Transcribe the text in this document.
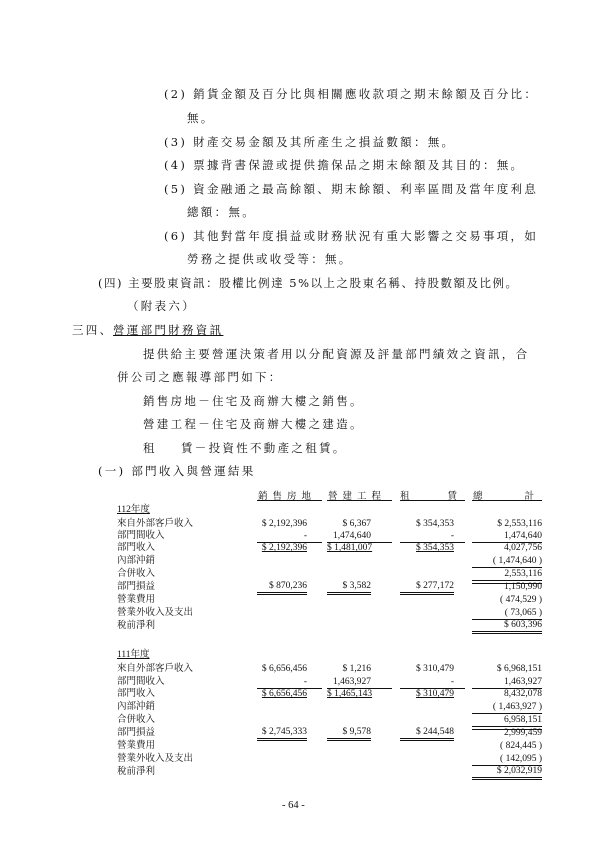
(2) 銷貨金額及百分比與相關應收款項之期末餘額及百分比：
無。
(3) 財產交易金額及其所產生之損益數額：無。
(4) 票據背書保證或提供擔保品之期末餘額及其目的：無。
(5) 資金融通之最高餘額、期末餘額、利率區間及當年度利息
總額：無。
(6) 其他對當年度損益或財務狀況有重大影響之交易事項，如
勞務之提供或收受等：無。
(四) 主要股東資訊：股權比例達 5%以上之股東名稱、持股數額及比例。
（附表六）
三四、 營運部門財務資訊
提供給主要營運決策者用以分配資源及評量部門績效之資訊，合
併公司之應報導部門如下：
銷售房地－住宅及商辦大樓之銷售。
營建工程－住宅及商辦大樓之建造。
租 賃－投資性不動產之租賃。
(一) 部門收入與營運結果
銷售房地 營建工程 租賃
總計
112年度
來自外部客戶收入
部門間收入
部門收入
內部沖銷
合併收入
部門損益
營業費用
營業外收入及支出
稅前淨利
$ 2,192,396
-
$ 2,192,396
$ 870,236
$ 6,367
1,474,640
$ 1,481,007
$ 3,582
$ 354,353
-
$ 354,353
$ 277,172
$ 2,553,116
1,474,640
4,027,756
( 1,474,640 )
2,553,116
1,150,990
( 474,529 )
( 73,065 )
$ 603,396
111年度
來自外部客戶收入
部門間收入
部門收入
內部沖銷
合併收入
部門損益
營業費用
營業外收入及支出
稅前淨利
$ 6,656,456
-
$ 6,656,456
$ 2,745,333
$ 1,216
1,463,927
$ 1,465,143
$ 9,578
$ 310,479
-
$ 310,479
$ 244,548
$ 6,968,151
1,463,927
8,432,078
( 1,463,927 )
6,958,151
2,999,459
( 824,445 )
( 142,095 )
$ 2,032,919
- 64 -
